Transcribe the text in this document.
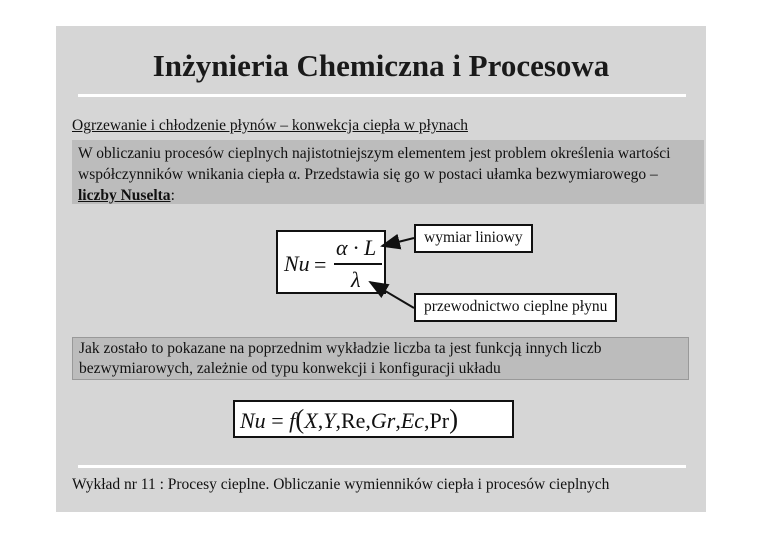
Inżynieria Chemiczna i Procesowa
Ogrzewanie i chłodzenie płynów – konwekcja ciepła w płynach
W obliczaniu procesów cieplnych najistotniejszym elementem jest problem określenia wartości współczynników wnikania ciepła α. Przedstawia się go w postaci ułamka bezwymiarowego – liczby Nuselta:
Nu =
α · L
λ
wymiar liniowy
przewodnictwo cieplne płynu
Jak zostało to pokazane na poprzednim wykładzie liczba ta jest funkcją innych liczb bezwymiarowych, zależnie od typu konwekcji i konfiguracji układu
Nu = f(X,Y,Re,Gr,Ec,Pr)
Wykład nr 11 : Procesy cieplne. Obliczanie wymienników ciepła i procesów cieplnych
